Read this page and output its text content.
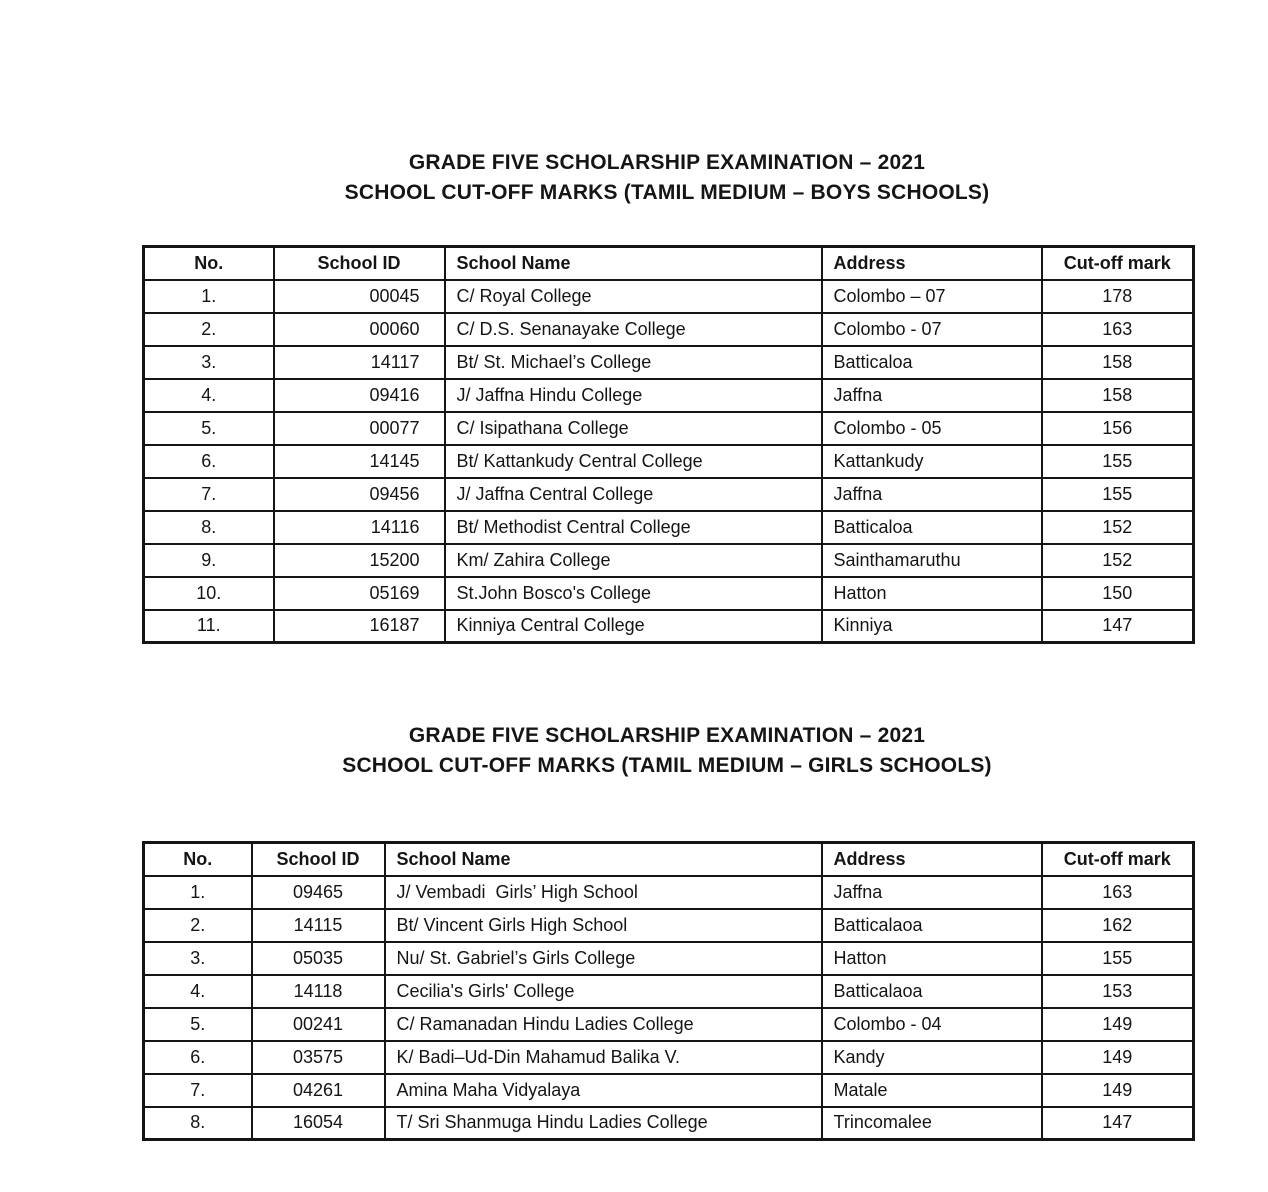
GRADE FIVE SCHOLARSHIP EXAMINATION – 2021
SCHOOL CUT-OFF MARKS (TAMIL MEDIUM – BOYS SCHOOLS)
No.	School ID	School Name	Address	Cut-off mark
1.	00045	C/ Royal College	Colombo – 07	178
2.	00060	C/ D.S. Senanayake College	Colombo - 07	163
3.	14117	Bt/ St. Michael’s College	Batticaloa	158
4.	09416	J/ Jaffna Hindu College	Jaffna	158
5.	00077	C/ Isipathana College	Colombo - 05	156
6.	14145	Bt/ Kattankudy Central College	Kattankudy	155
7.	09456	J/ Jaffna Central College	Jaffna	155
8.	14116	Bt/ Methodist Central College	Batticaloa	152
9.	15200	Km/ Zahira College	Sainthamaruthu	152
10.	05169	St.John Bosco's College	Hatton	150
11.	16187	Kinniya Central College	Kinniya	147
GRADE FIVE SCHOLARSHIP EXAMINATION – 2021
SCHOOL CUT-OFF MARKS (TAMIL MEDIUM – GIRLS SCHOOLS)
No.	School ID	School Name	Address	Cut-off mark
1.	09465	J/ Vembadi  Girls’ High School	Jaffna	163
2.	14115	Bt/ Vincent Girls High School	Batticalaoa	162
3.	05035	Nu/ St. Gabriel’s Girls College	Hatton	155
4.	14118	Cecilia's Girls' College	Batticalaoa	153
5.	00241	C/ Ramanadan Hindu Ladies College	Colombo - 04	149
6.	03575	K/ Badi–Ud-Din Mahamud Balika V.	Kandy	149
7.	04261	Amina Maha Vidyalaya	Matale	149
8.	16054	T/ Sri Shanmuga Hindu Ladies College	Trincomalee	147
